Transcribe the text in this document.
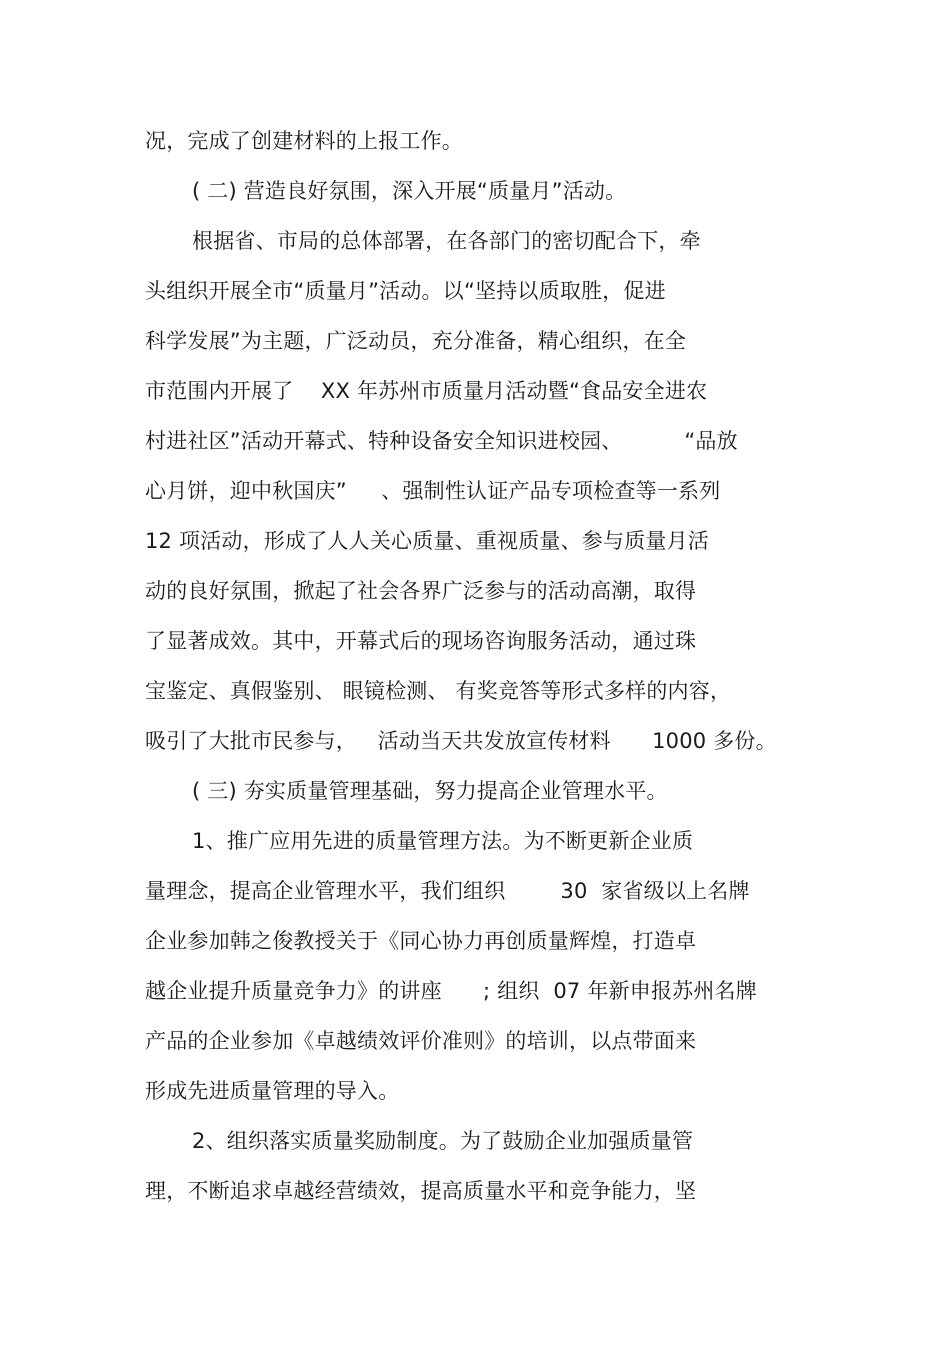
况，完成了创建材料的上报工作。
( 二) 营造良好氛围，深入开展“质量月”活动。
根据省、市局的总体部署，在各部门的密切配合下，牵
头组织开展全市“质量月”活动。以“坚持以质取胜，促进
科学发展”为主题，广泛动员，充分准备，精心组织，在全
市范围内开展了    XX 年苏州市质量月活动暨“食品安全进农
村进社区”活动开幕式、特种设备安全知识进校园、         “品放
心月饼，迎中秋国庆”     、强制性认证产品专项检查等一系列
12 项活动，形成了人人关心质量、重视质量、参与质量月活
动的良好氛围，掀起了社会各界广泛参与的活动高潮，取得
了显著成效。其中，开幕式后的现场咨询服务活动，通过珠
宝鉴定、真假鉴别、 眼镜检测、 有奖竞答等形式多样的内容，
吸引了大批市民参与，   活动当天共发放宣传材料      1000 多份。
( 三) 夯实质量管理基础，努力提高企业管理水平。
1、推广应用先进的质量管理方法。为不断更新企业质
量理念，提高企业管理水平，我们组织        30  家省级以上名牌
企业参加韩之俊教授关于《同心协力再创质量辉煌，打造卓
越企业提升质量竞争力》的讲座      ; 组织  07 年新申报苏州名牌
产品的企业参加《卓越绩效评价准则》的培训，以点带面来
形成先进质量管理的导入。
2、组织落实质量奖励制度。为了鼓励企业加强质量管
理，不断追求卓越经营绩效，提高质量水平和竞争能力，坚
